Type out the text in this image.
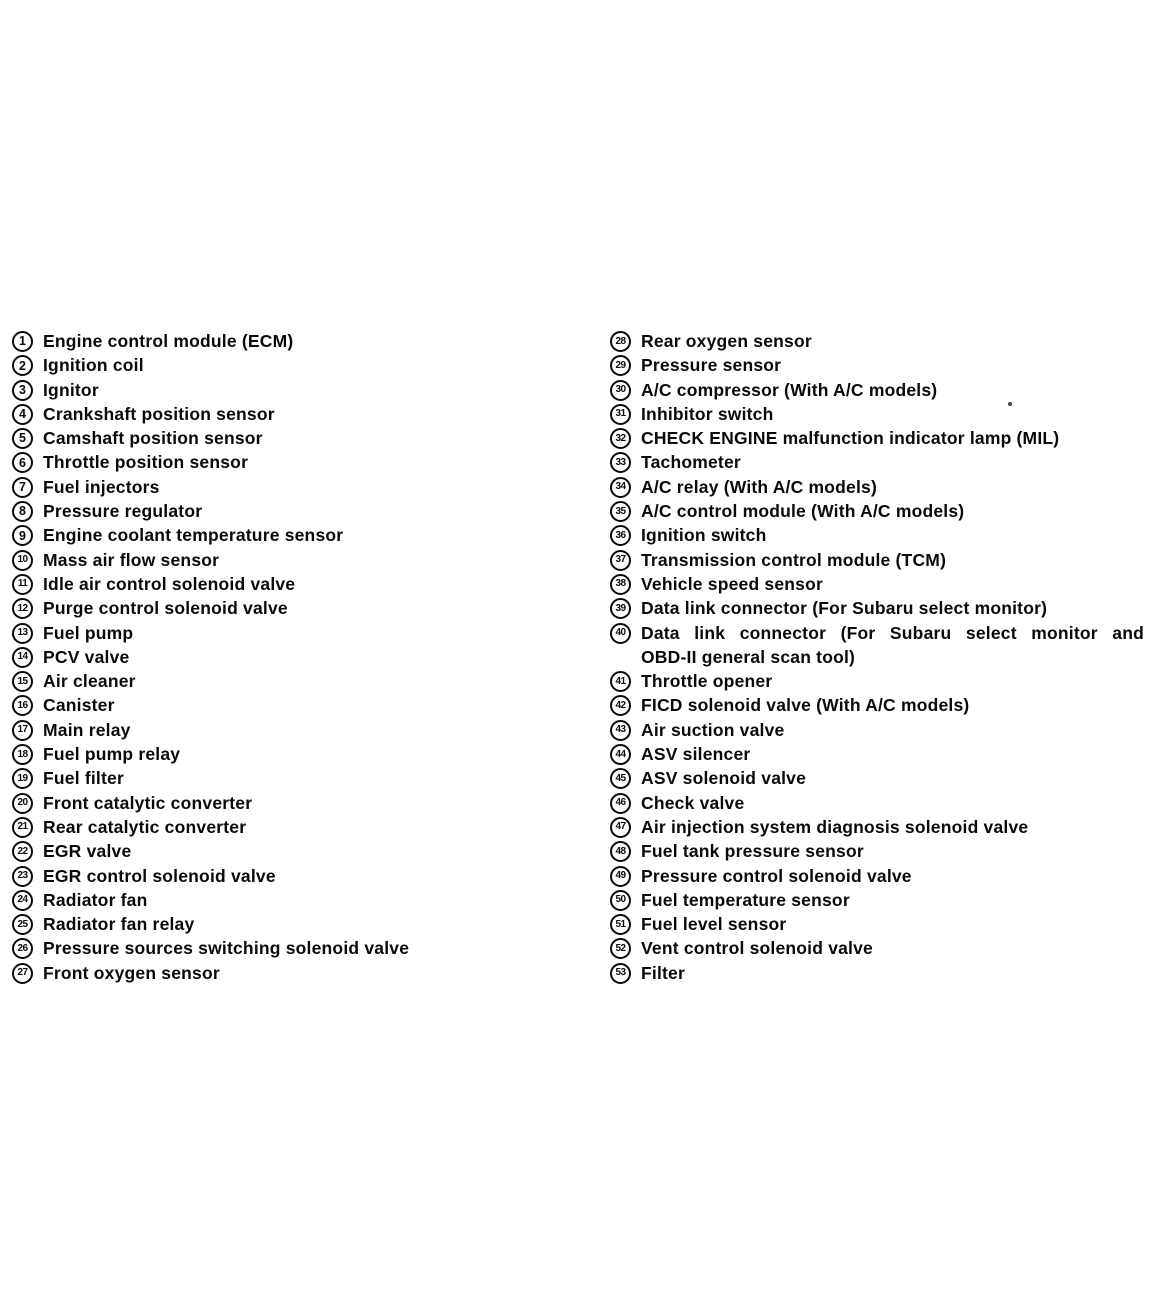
1 Engine control module (ECM)
2 Ignition coil
3 Ignitor
4 Crankshaft position sensor
5 Camshaft position sensor
6 Throttle position sensor
7 Fuel injectors
8 Pressure regulator
9 Engine coolant temperature sensor
10 Mass air flow sensor
11 Idle air control solenoid valve
12 Purge control solenoid valve
13 Fuel pump
14 PCV valve
15 Air cleaner
16 Canister
17 Main relay
18 Fuel pump relay
19 Fuel filter
20 Front catalytic converter
21 Rear catalytic converter
22 EGR valve
23 EGR control solenoid valve
24 Radiator fan
25 Radiator fan relay
26 Pressure sources switching solenoid valve
27 Front oxygen sensor
28 Rear oxygen sensor
29 Pressure sensor
30 A/C compressor (With A/C models)
31 Inhibitor switch
32 CHECK ENGINE malfunction indicator lamp (MIL)
33 Tachometer
34 A/C relay (With A/C models)
35 A/C control module (With A/C models)
36 Ignition switch
37 Transmission control module (TCM)
38 Vehicle speed sensor
39 Data link connector (For Subaru select monitor)
40 Data link connector (For Subaru select monitor and
OBD-II general scan tool)
41 Throttle opener
42 FICD solenoid valve (With A/C models)
43 Air suction valve
44 ASV silencer
45 ASV solenoid valve
46 Check valve
47 Air injection system diagnosis solenoid valve
48 Fuel tank pressure sensor
49 Pressure control solenoid valve
50 Fuel temperature sensor
51 Fuel level sensor
52 Vent control solenoid valve
53 Filter
